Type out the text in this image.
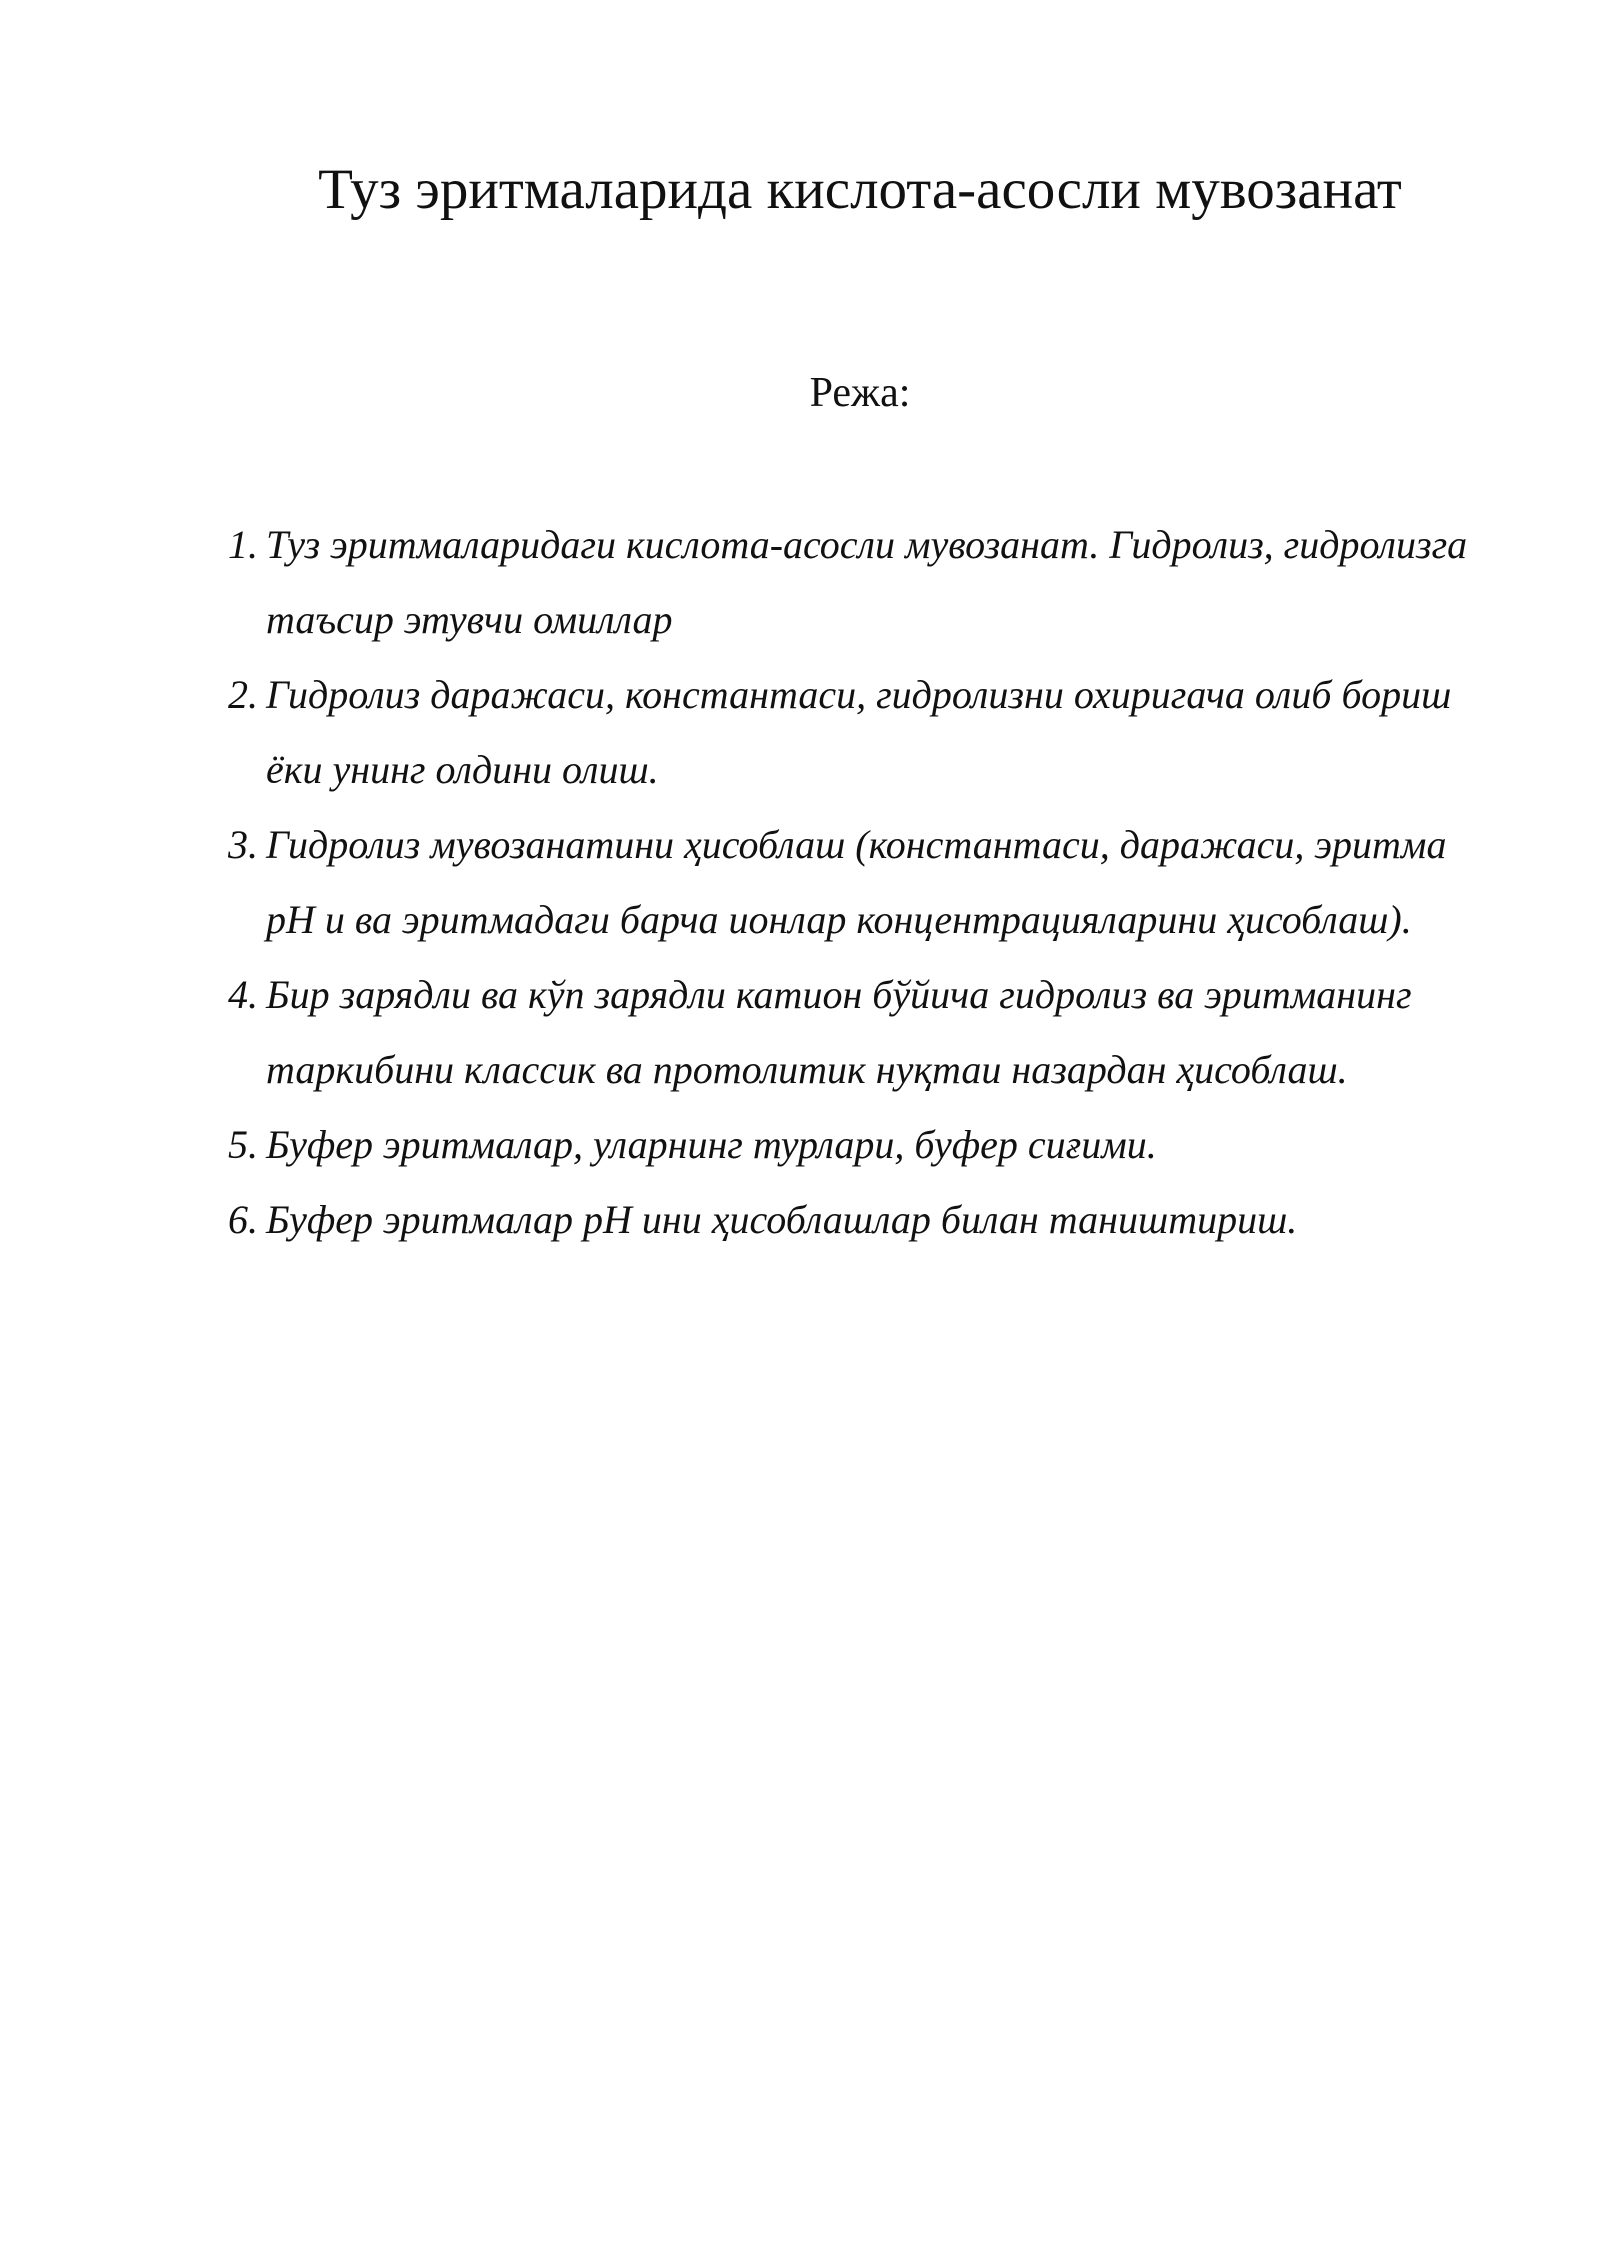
Туз эритмаларида кислота-асосли мувозанат
Режа:
1. Туз эритмаларидаги кислота-асосли мувозанат. Гидролиз, гидролизга таъсир этувчи омиллар
2. Гидролиз даражаси, константаси, гидролизни охиригача олиб бориш ёки унинг олдини олиш.
3. Гидролиз мувозанатини ҳисоблаш (константаси, даражаси, эритма pH и ва эритмадаги барча ионлар концентрацияларини ҳисоблаш).
4. Бир зарядли ва кўп зарядли катион бўйича гидролиз ва эритманинг таркибини классик ва протолитик нуқтаи назардан ҳисоблаш.
5. Буфер эритмалар, уларнинг турлари, буфер сиғими.
6. Буфер эритмалар pH ини ҳисоблашлар билан таништириш.
